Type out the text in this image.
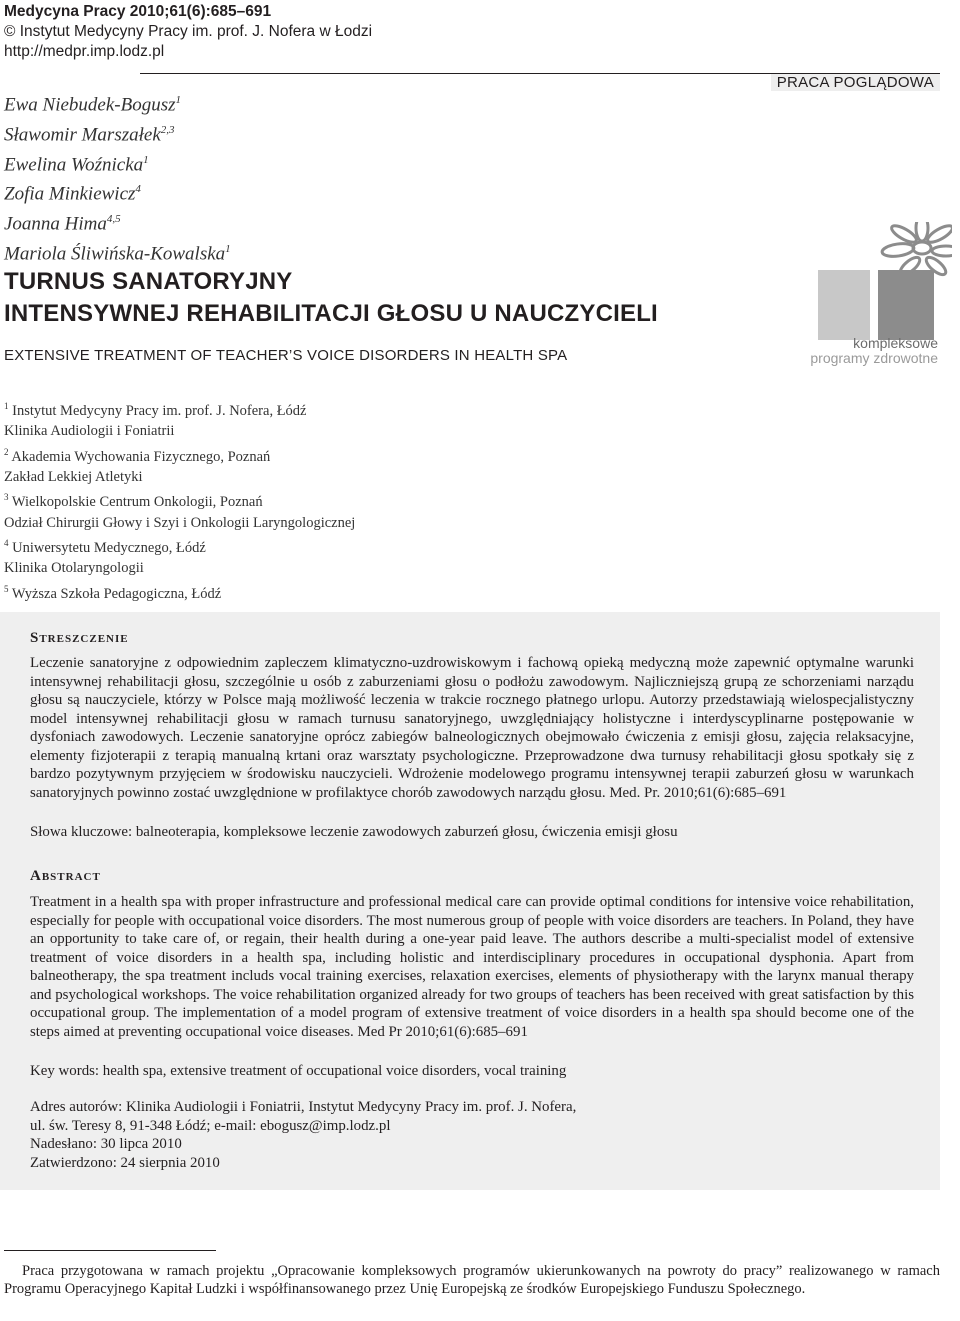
Medycyna Pracy 2010;61(6):685–691
© Instytut Medycyny Pracy im. prof. J. Nofera w Łodzi
http://medpr.imp.lodz.pl
PRACA POGLĄDOWA
Ewa Niebudek-Bogusz$^1$
Sławomir Marszałek$^{2,3}$
Ewelina Woźnicka$^1$
Zofia Minkiewicz$^4$
Joanna Hima$^{4,5}$
Mariola Śliwińska-Kowalska$^1$
TURNUS SANATORYJNY
INTENSYWNEJ REHABILITACJI GŁOSU U NAUCZYCIELI
EXTENSIVE TREATMENT OF TEACHER’S VOICE DISORDERS IN HEALTH SPA
kompleksowe
programy zdrowotne
$^1$ Instytut Medycyny Pracy im. prof. J. Nofera, Łódź
Klinika Audiologii i Foniatrii
$^2$ Akademia Wychowania Fizycznego, Poznań
Zakład Lekkiej Atletyki
$^3$ Wielkopolskie Centrum Onkologii, Poznań
Odział Chirurgii Głowy i Szyi i Onkologii Laryngologicznej
$^4$ Uniwersytetu Medycznego, Łódź
Klinika Otolaryngologii
$^5$ Wyższa Szkoła Pedagogiczna, Łódź
Streszczenie

Leczenie sanatoryjne z odpowiednim zapleczem klimatyczno-uzdrowiskowym i fachową opieką medyczną może zapewnić optymalne warunki intensywnej rehabilitacji głosu, szczególnie u osób z zaburzeniami głosu o podłożu zawodowym. Najliczniejszą grupą ze schorzeniami narządu głosu są nauczyciele, którzy w Polsce mają możliwość leczenia w trakcie rocznego płatnego urlopu. Autorzy przedstawiają wielospecjalistyczny model intensywnej rehabilitacji głosu w ramach turnusu sanatoryjnego, uwzględniający holistyczne i interdyscyplinarne postępowanie w dysfoniach zawodowych. Leczenie sanatoryjne oprócz zabiegów balneologicznych obejmowało ćwiczenia z emisji głosu, zajęcia relaksacyjne, elementy fizjoterapii z terapią manualną krtani oraz warsztaty psychologiczne. Przeprowadzone dwa turnusy rehabilitacji głosu spotkały się z bardzo pozytywnym przyjęciem w środowisku nauczycieli. Wdrożenie modelowego programu intensywnej terapii zaburzeń głosu w warunkach sanatoryjnych powinno zostać uwzględnione w profilaktyce chorób zawodowych narządu głosu. Med. Pr. 2010;61(6):685–691

Słowa kluczowe: balneoterapia, kompleksowe leczenie zawodowych zaburzeń głosu, ćwiczenia emisji głosu

Abstract

Treatment in a health spa with proper infrastructure and professional medical care can provide optimal conditions for intensive voice rehabilitation, especially for people with occupational voice disorders. The most numerous group of people with voice disorders are teachers. In Poland, they have an opportunity to take care of, or regain, their health during a one-year paid leave. The authors describe a multi-specialist model of extensive treatment of voice disorders in a health spa, including holistic and interdisciplinary procedures in occupational dysphonia. Apart from balneotherapy, the spa treatment includs vocal training exercises, relaxation exercises, elements of physiotherapy with the larynx manual therapy and psychological workshops. The voice rehabilitation organized already for two groups of teachers has been received with great satisfaction by this occupational group. The implementation of a model program of extensive treatment of voice disorders in a health spa should become one of the steps aimed at preventing occupational voice diseases. Med Pr 2010;61(6):685–691

Key words: health spa, extensive treatment of occupational voice disorders, vocal training

Adres autorów: Klinika Audiologii i Foniatrii, Instytut Medycyny Pracy im. prof. J. Nofera,
ul. św. Teresy 8, 91-348 Łódź; e-mail: ebogusz@imp.lodz.pl
Nadesłano: 30 lipca 2010
Zatwierdzono: 24 sierpnia 2010

Praca przygotowana w ramach projektu „Opracowanie kompleksowych programów ukierunkowanych na powroty do pracy” realizowanego w ramach Programu Operacyjnego Kapitał Ludzki i współfinansowanego przez Unię Europejską ze środków Europejskiego Funduszu Społecznego.
